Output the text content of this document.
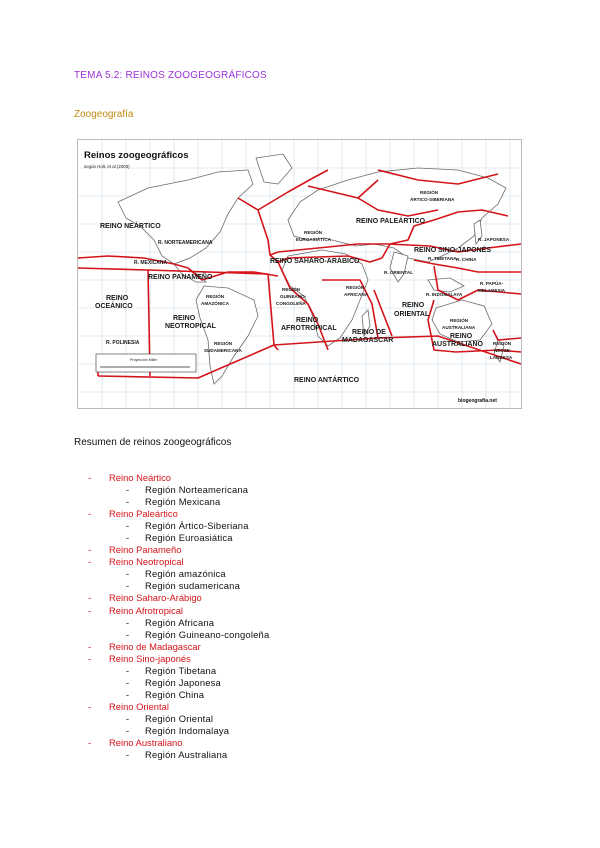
TEMA 5.2: REINOS ZOOGEOGRÁFICOS
Zoogeografía
Reinos zoogeográficos
según Holt, et al (2003)
REINO NEÁRTICO
R. NORTEAMERICANA
R. MEXICANA
REINO PANAMEÑO
REINO
OCEÁNICO
R. POLINESIA
REINO
NEOTROPICAL
REGIÓN
AMAZÓNICA
REGIÓN
SUDAMERICANA
REINO PALEÁRTICO
REGIÓN
ÁRTICO-SIBERIANA
REGIÓN
EUROASIÁTICA
REINO SAHARO-ARÁBICO
REGIÓN
GUINEANO-
CONGOLEÑA
REGIÓN
AFRICANA
REINO
AFROTROPICAL
REINO DE
MADAGASCAR
REINO SINO-JAPONÉS
R. JAPONESA
R. TIBETANA
R. ORIENTAL
R. CHINA
R. INDOMALAYA
REINO
ORIENTAL
R. PAPÚA-
MELANESIA
REGIÓN
AUSTRALIANA
REINO
AUSTRALIANO REGIÓN
NEOZE-
LANDESA
REINO ANTÁRTICO
Proyección Miller
biogeografia.net
Resumen de reinos zoogeográficos
- Reino Neártico
- Región Norteamericana
- Región Mexicana
- Reino Paleártico
- Región Ártico-Siberiana
- Región Euroasiática
- Reino Panameño
- Reino Neotropical
- Región amazónica
- Región sudamericana
- Reino Saharo-Arábigo
- Reino Afrotropical
- Región Africana
- Región Guineano-congoleña
- Reino de Madagascar
- Reino Sino-japonés
- Región Tibetana
- Región Japonesa
- Región China
- Reino Oriental
- Región Oriental
- Región Indomalaya
- Reino Australiano
- Región Australiana
